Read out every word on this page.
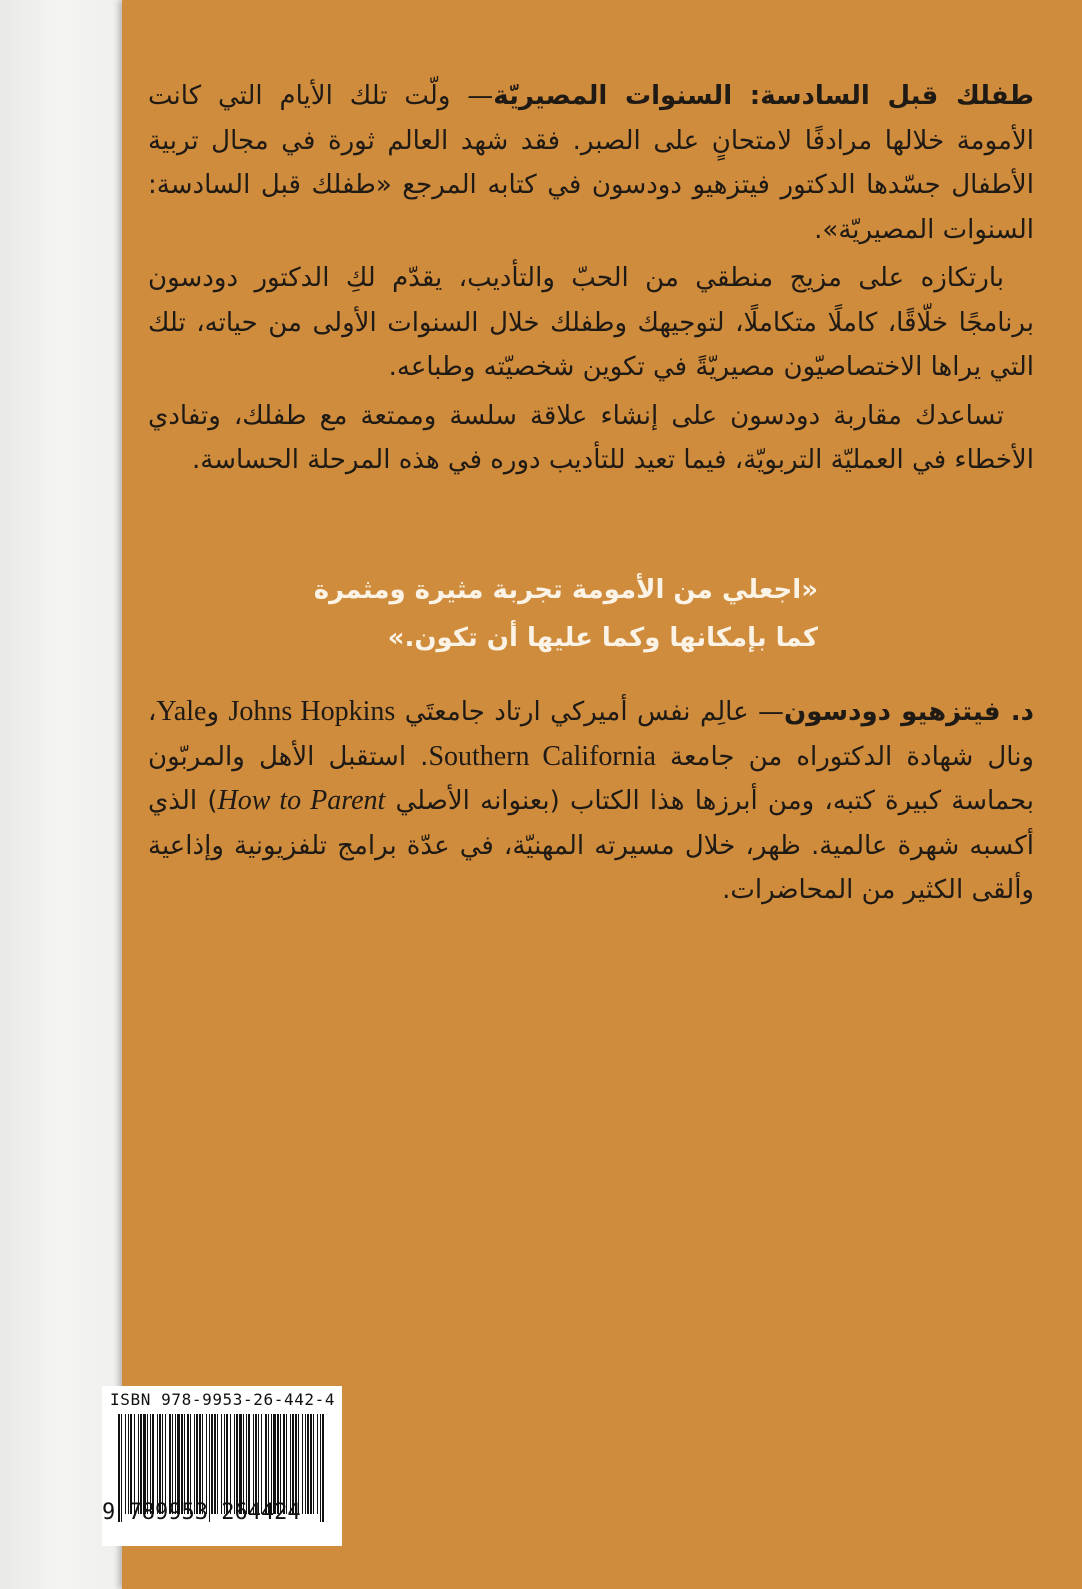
طفلك قبل السادسة: السنوات المصيريّة— ولّت تلك الأيام التي كانت الأمومة خلالها مرادفًا لامتحانٍ على الصبر. فقد شهد العالم ثورة في مجال تربية الأطفال جسّدها الدكتور فيتزهيو دودسون في كتابه المرجع «طفلك قبل السادسة: السنوات المصيريّة».

بارتكازه على مزيج منطقي من الحبّ والتأديب، يقدّم لكِ الدكتور دودسون برنامجًا خلّاقًا، كاملًا متكاملًا، لتوجيهك وطفلك خلال السنوات الأولى من حياته، تلك التي يراها الاختصاصيّون مصيريّةً في تكوين شخصيّته وطباعه.

تساعدك مقاربة دودسون على إنشاء علاقة سلسة وممتعة مع طفلك، وتفادي الأخطاء في العمليّة التربويّة، فيما تعيد للتأديب دوره في هذه المرحلة الحساسة.

«اجعلي من الأمومة تجربة مثيرة ومثمرة

كما بإمكانها وكما عليها أن تكون.»

د. فيتزهيو دودسون— عالِم نفس أميركي ارتاد جامعتَي Johns Hopkins وYale، ونال شهادة الدكتوراه من جامعة Southern California. استقبل الأهل والمربّون بحماسة كبيرة كتبه، ومن أبرزها هذا الكتاب (بعنوانه الأصلي How to Parent) الذي أكسبه شهرة عالمية. ظهر، خلال مسيرته المهنيّة، في عدّة برامج تلفزيونية وإذاعية وألقى الكثير من المحاضرات.

ISBN 978-9953-26-442-4
9 789953 264424
